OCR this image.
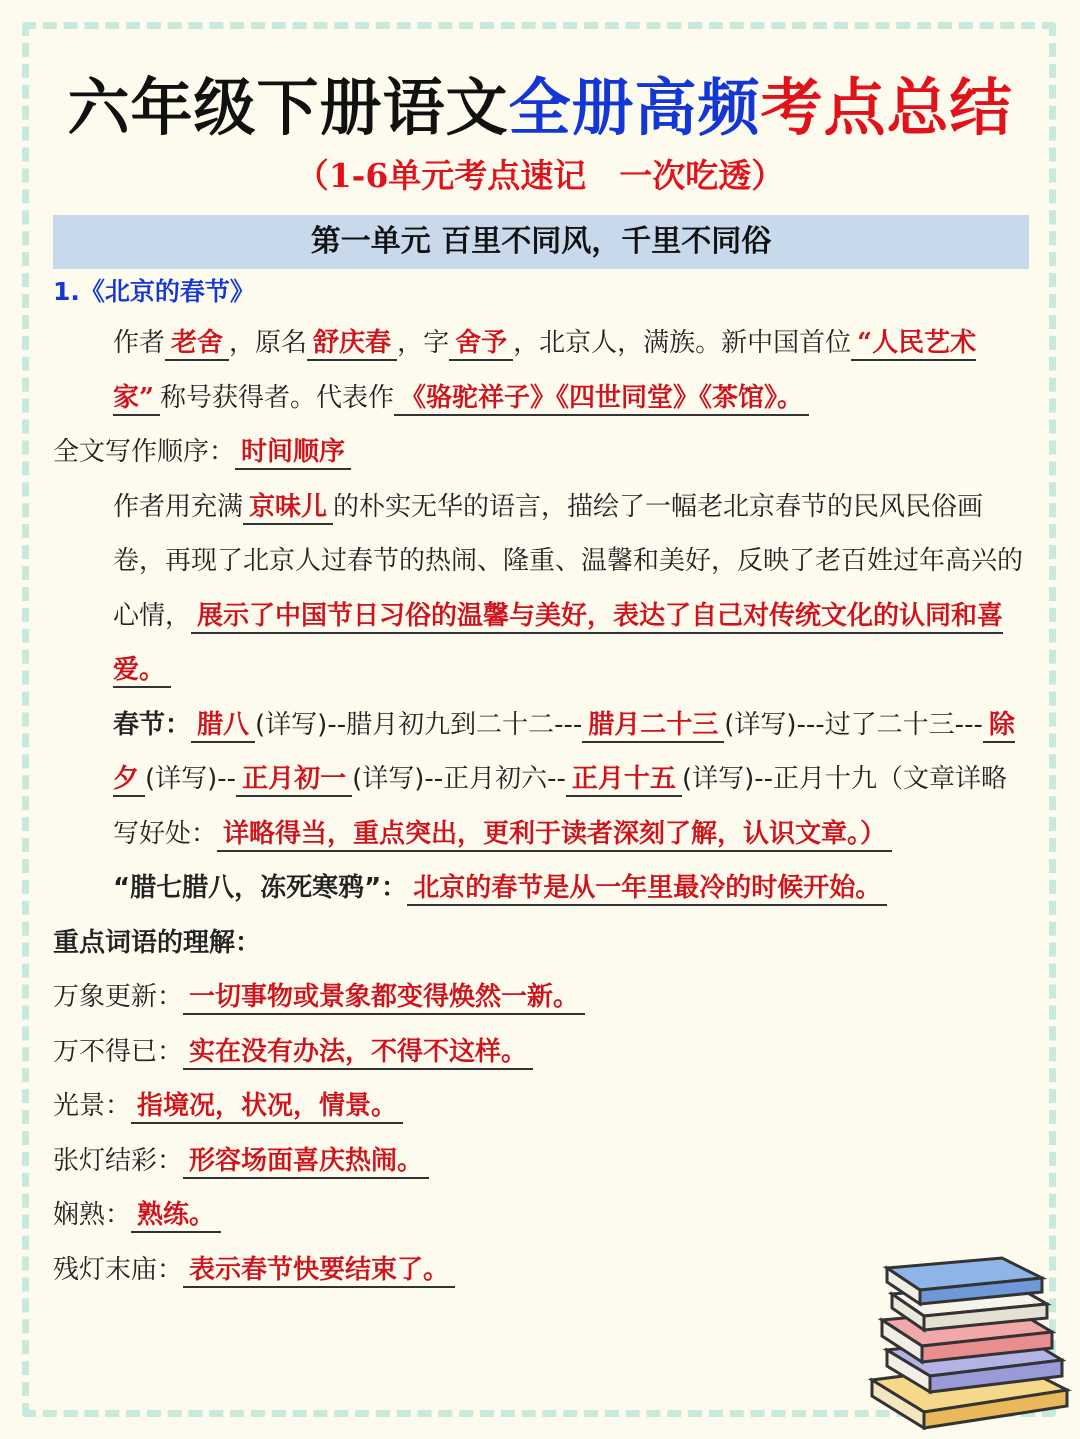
六年级下册语文全册高频考点总结
（1-6单元考点速记　一次吃透）
第一单元 百里不同风，千里不同俗
1.《北京的春节》

作者 老舍 ，原名 舒庆春 ，字 舍予 ，北京人，满族。新中国首位 “人民艺术家” 称号获得者。代表作 《骆驼祥子》《四世同堂》《茶馆》。

全文写作顺序： 时间顺序

作者用充满 京味儿 的朴实无华的语言，描绘了一幅老北京春节的民风民俗画卷，再现了北京人过春节的热闹、隆重、温馨和美好，反映了老百姓过年高兴的心情， 展示了中国节日习俗的温馨与美好，表达了自己对传统文化的认同和喜爱。

春节： 腊八 (详写)--腊月初九到二十二--- 腊月二十三 (详写)---过了二十三--- 除夕 (详写)-- 正月初一 (详写)--正月初六-- 正月十五 (详写)--正月十九（文章详略写好处： 详略得当，重点突出，更利于读者深刻了解，认识文章。）

“腊七腊八，冻死寒鸦”： 北京的春节是从一年里最冷的时候开始。

重点词语的理解：

万象更新： 一切事物或景象都变得焕然一新。

万不得已： 实在没有办法，不得不这样。

光景： 指境况，状况，情景。

张灯结彩： 形容场面喜庆热闹。

娴熟： 熟练。

残灯末庙： 表示春节快要结束了。
